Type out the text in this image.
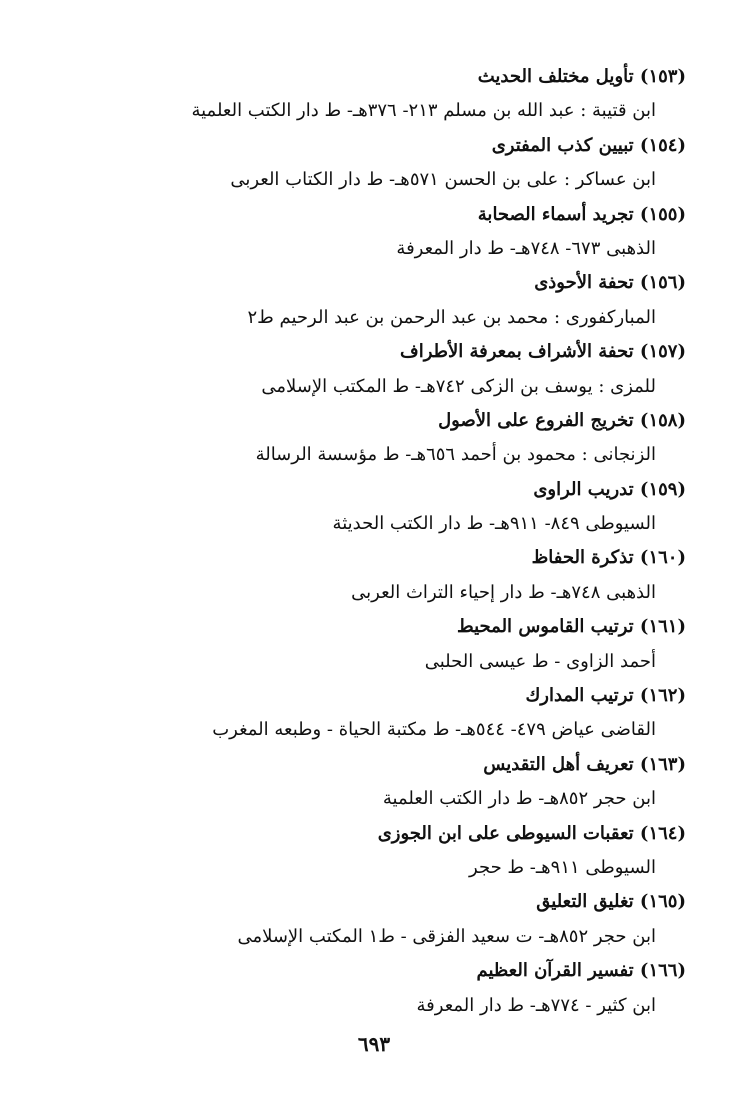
(١٥٣) تأويل مختلف الحديث
ابن قتيبة : عبد الله بن مسلم ٢١٣- ٣٧٦هـ- ط دار الكتب العلمية
(١٥٤) تبيين كذب المفترى
ابن عساكر : على بن الحسن ٥٧١هـ- ط دار الكتاب العربى
(١٥٥) تجريد أسماء الصحابة
الذهبى ٦٧٣- ٧٤٨هـ- ط دار المعرفة
(١٥٦) تحفة الأحوذى
المباركفورى : محمد بن عبد الرحمن بن عبد الرحيم ط٢
(١٥٧) تحفة الأشراف بمعرفة الأطراف
للمزى : يوسف بن الزكى ٧٤٢هـ- ط المكتب الإسلامى
(١٥٨) تخريج الفروع على الأصول
الزنجانى : محمود بن أحمد ٦٥٦هـ- ط مؤسسة الرسالة
(١٥٩) تدريب الراوى
السيوطى ٨٤٩- ٩١١هـ- ط دار الكتب الحديثة
(١٦٠) تذكرة الحفاظ
الذهبى ٧٤٨هـ- ط دار إحياء التراث العربى
(١٦١) ترتيب القاموس المحيط
أحمد الزاوى - ط عيسى الحلبى
(١٦٢) ترتيب المدارك
القاضى عياض ٤٧٩- ٥٤٤هـ- ط مكتبة الحياة - وطبعه المغرب
(١٦٣) تعريف أهل التقديس
ابن حجر ٨٥٢هـ- ط دار الكتب العلمية
(١٦٤) تعقبات السيوطى على ابن الجوزى
السيوطى ٩١١هـ- ط حجر
(١٦٥) تغليق التعليق
ابن حجر ٨٥٢هـ- ت سعيد الفزقى - ط١ المكتب الإسلامى
(١٦٦) تفسير القرآن العظيم
ابن كثير - ٧٧٤هـ- ط دار المعرفة
٦٩٣
